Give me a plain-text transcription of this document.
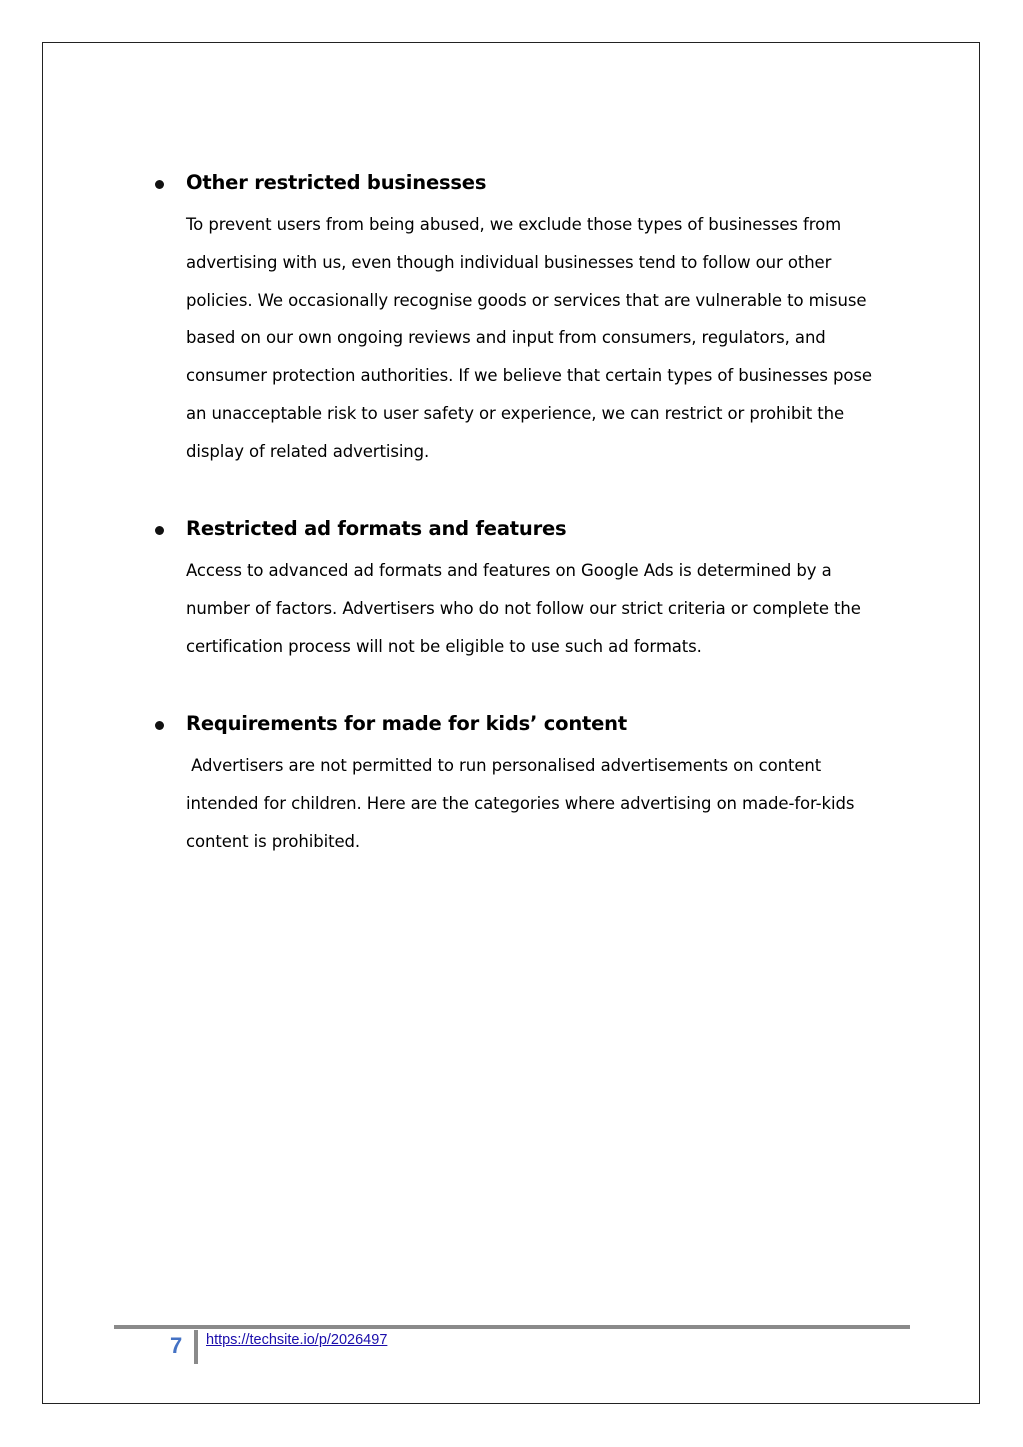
Other restricted businesses
To prevent users from being abused, we exclude those types of businesses from
advertising with us, even though individual businesses tend to follow our other
policies. We occasionally recognise goods or services that are vulnerable to misuse
based on our own ongoing reviews and input from consumers, regulators, and
consumer protection authorities. If we believe that certain types of businesses pose
an unacceptable risk to user safety or experience, we can restrict or prohibit the
display of related advertising.
Restricted ad formats and features
Access to advanced ad formats and features on Google Ads is determined by a
number of factors. Advertisers who do not follow our strict criteria or complete the
certification process will not be eligible to use such ad formats.
Requirements for made for kids’ content
Advertisers are not permitted to run personalised advertisements on content
intended for children. Here are the categories where advertising on made-for-kids
content is prohibited.
7 https://techsite.io/p/2026497
